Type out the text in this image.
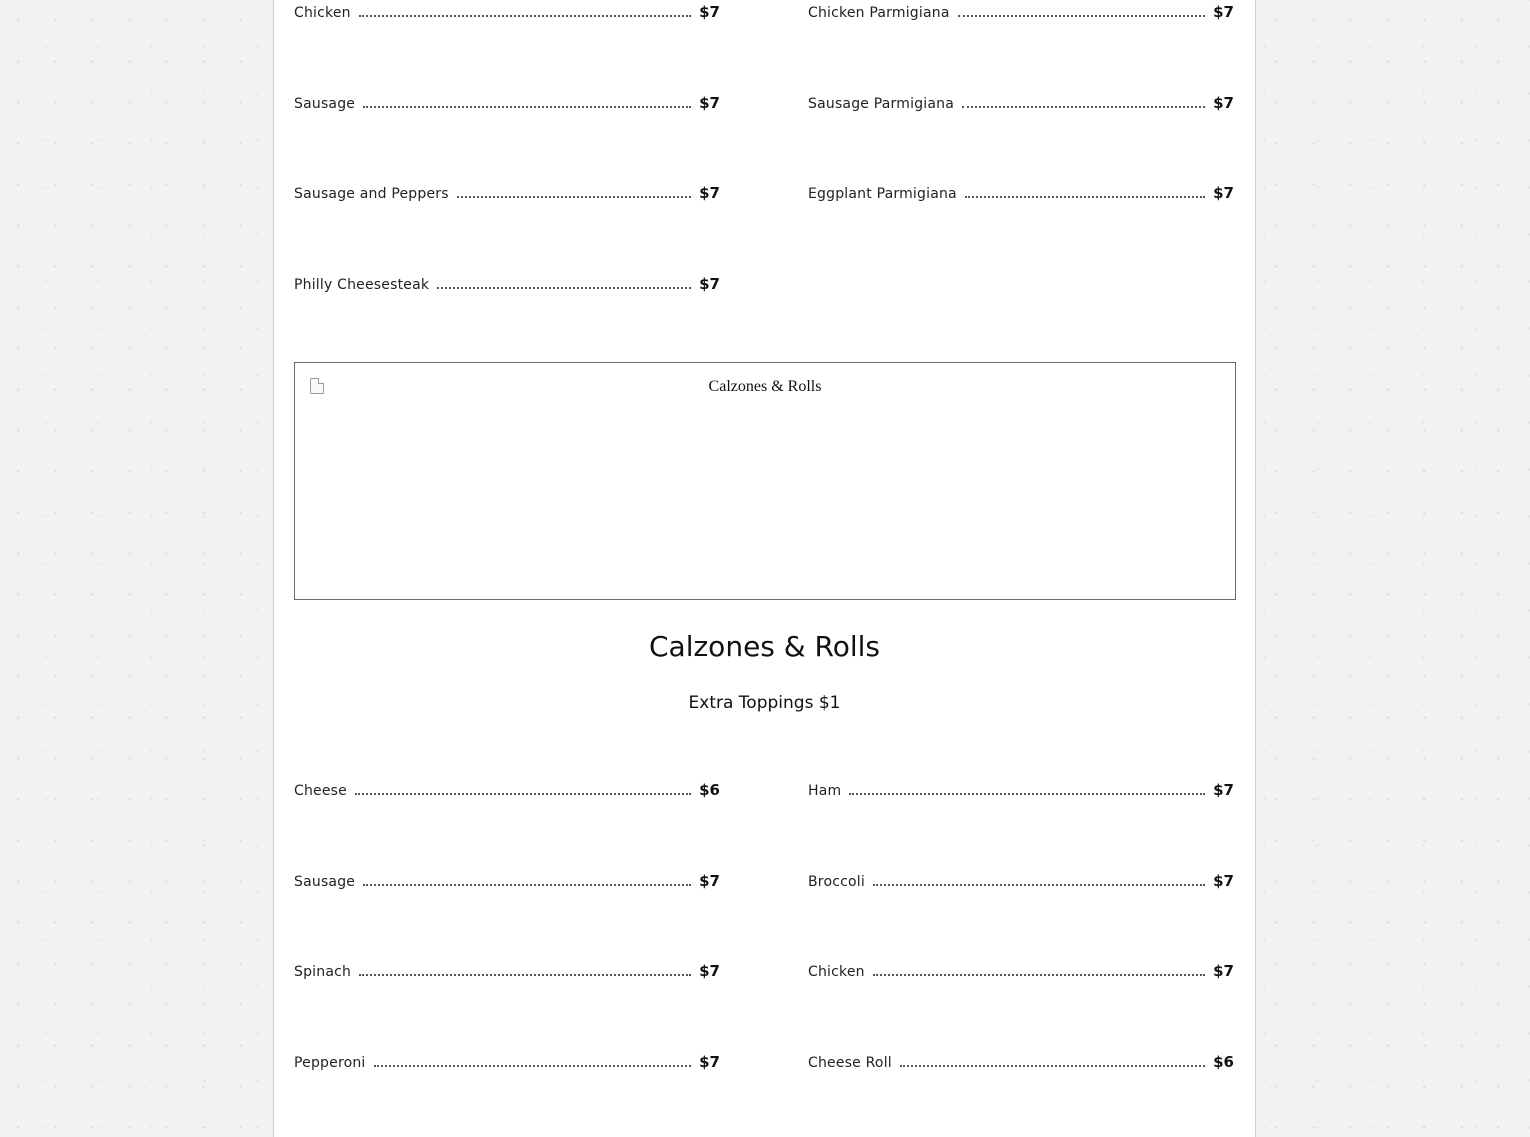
Chicken	$7
Sausage	$7
Sausage and Peppers	$7
Philly Cheesesteak	$7
Chicken Parmigiana	$7
Sausage Parmigiana	$7
Eggplant Parmigiana	$7
Calzones & Rolls
Calzones & Rolls
Extra Toppings $1
Cheese	$6
Sausage	$7
Spinach	$7
Pepperoni	$7
Ham	$7
Broccoli	$7
Chicken	$7
Cheese Roll	$6
